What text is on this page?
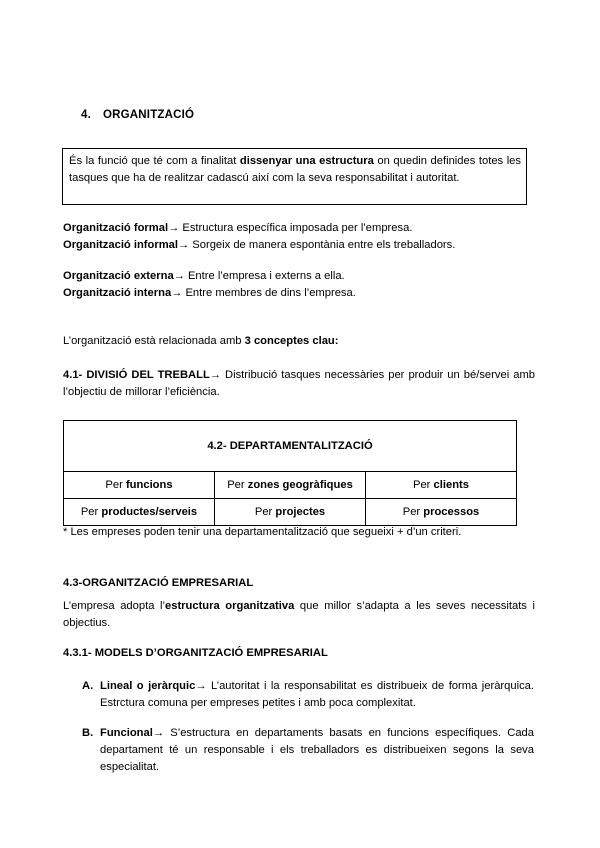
4. ORGANITZACIÓ
És la funció que té com a finalitat dissenyar una estructura on quedin definides totes les tasques que ha de realitzar cadascú així com la seva responsabilitat i autoritat.
Organització formal→ Estructura específica imposada per l’empresa.
Organització informal→ Sorgeix de manera espontània entre els treballadors.
Organització externa→ Entre l’empresa i externs a ella.
Organització interna→ Entre membres de dins l’empresa.
L’organització està relacionada amb 3 conceptes clau:
4.1- DIVISIÓ DEL TREBALL→ Distribució tasques necessàries per produir un bé/servei amb l’objectiu de millorar l’eficiència.
4.2- DEPARTAMENTALITZACIÓ		
Per funcions	Per zones geogràfiques	Per clients
Per productes/serveis	Per projectes	Per processos
* Les empreses poden tenir una departamentalització que segueixi + d’un criteri.
4.3-ORGANITZACIÓ EMPRESARIAL
L’empresa adopta l’estructura organitzativa que millor s’adapta a les seves necessitats i objectius.
4.3.1- MODELS D’ORGANITZACIÓ EMPRESARIAL
A. Lineal o jeràrquic→ L’autoritat i la responsabilitat es distribueix de forma jeràrquica. Estrctura comuna per empreses petites i amb poca complexitat.
B. Funcional→ S’estructura en departaments basats en funcions específiques. Cada departament té un responsable i els treballadors es distribueixen segons la seva especialitat.
